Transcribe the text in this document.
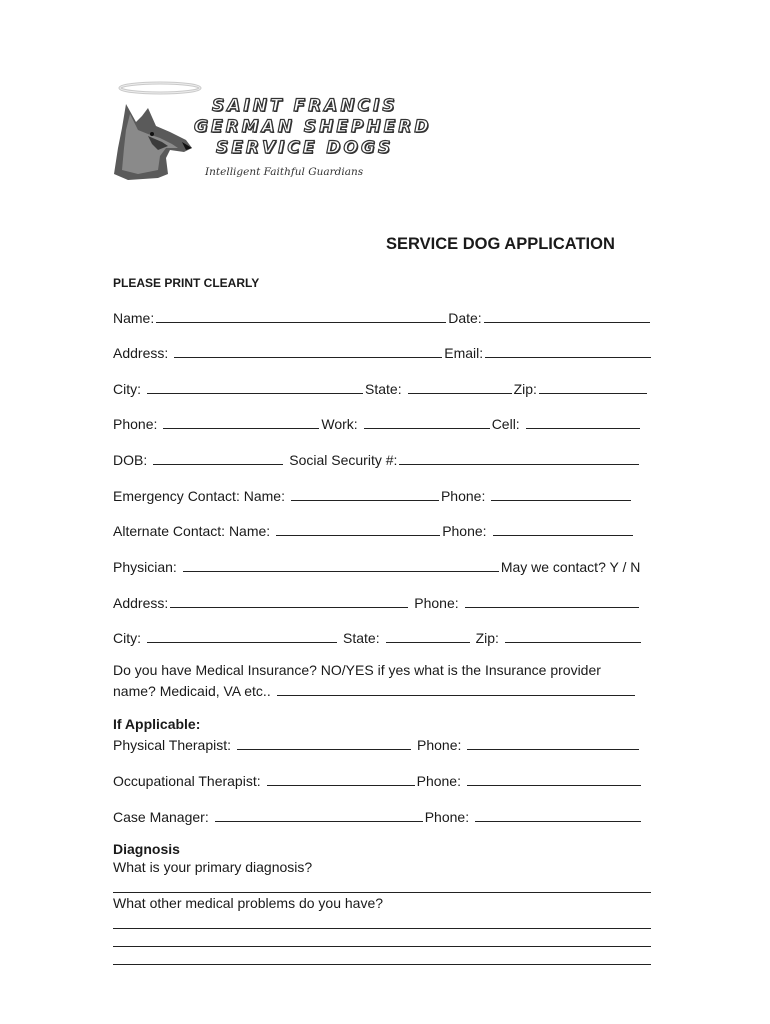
SAINT FRANCIS
GERMAN SHEPHERD
SERVICE DOGS
Intelligent Faithful Guardians
SERVICE DOG APPLICATION
PLEASE PRINT CLEARLY
Name:	Date:
Address:	Email:
City:	State:	Zip:
Phone:	Work:	Cell:
DOB:	Social Security #:
Emergency Contact: Name:	Phone:
Alternate Contact: Name:	Phone:
Physician:	May we contact? Y / N
Address:	Phone:
City:	State:	Zip:
Do you have Medical Insurance? NO/YES if yes what is the Insurance provider
name? Medicaid, VA etc..
If Applicable:
Physical Therapist:	Phone:
Occupational Therapist:	Phone:
Case Manager:	Phone:
Diagnosis
What is your primary diagnosis?
What other medical problems do you have?
